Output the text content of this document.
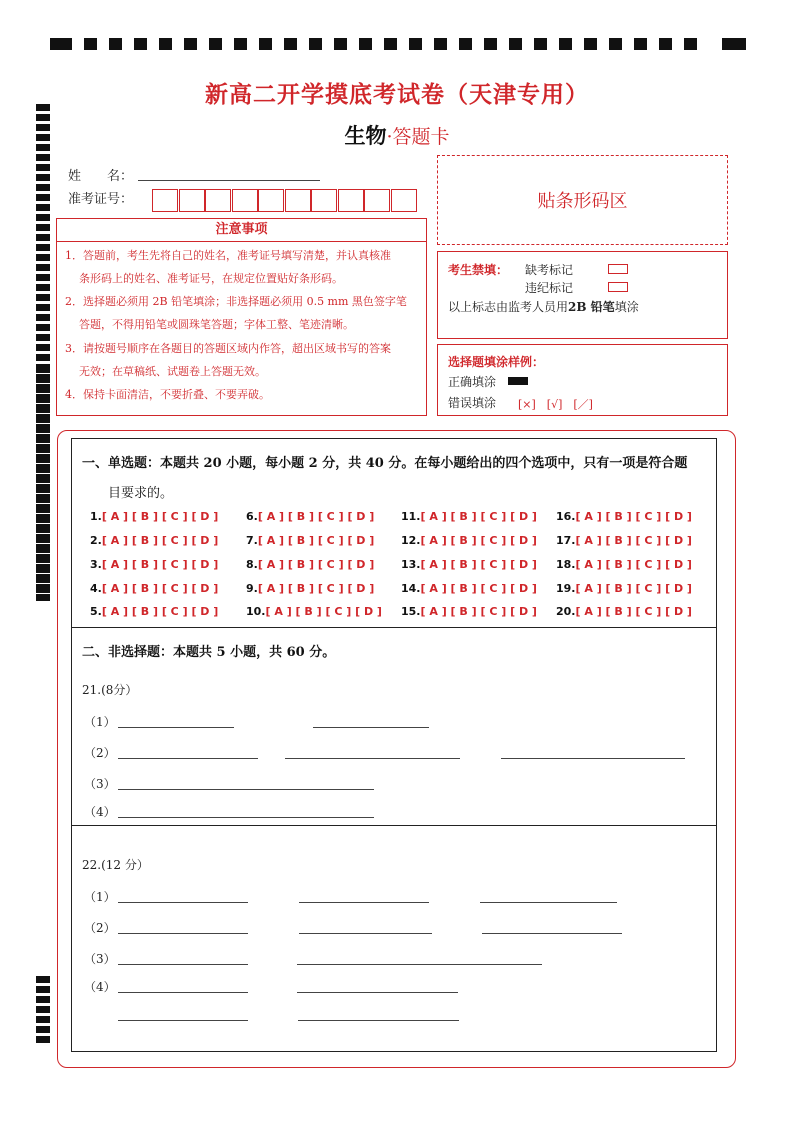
新高二开学摸底考试卷（天津专用）
生物·答题卡
姓　　名：
准考证号：	贴条形码区
注意事项
1．答题前，考生先将自己的姓名，准考证号填写清楚，并认真核准
条形码上的姓名、准考证号，在规定位置贴好条形码。
2．选择题必须用 2B 铅笔填涂；非选择题必须用 0.5 mm 黑色签字笔
答题，不得用铅笔或圆珠笔答题；字体工整、笔迹清晰。
3．请按题号顺序在各题目的答题区域内作答，超出区域书写的答案
无效；在草稿纸、试题卷上答题无效。
4．保持卡面清洁，不要折叠、不要弄破。
考生禁填： 缺考标记
违纪标记
以上标志由监考人员用2B 铅笔填涂
选择题填涂样例：
正确填涂
错误填涂 [×]　[√]　[／]
一、单选题：本题共 20 小题，每小题 2 分，共 40 分。在每小题给出的四个选项中，只有一项是符合题
目要求的。
1.[ A ] [ B ] [ C ] [ D ]
2.[ A ] [ B ] [ C ] [ D ]
3.[ A ] [ B ] [ C ] [ D ]
4.[ A ] [ B ] [ C ] [ D ]
5.[ A ] [ B ] [ C ] [ D ]
6.[ A ] [ B ] [ C ] [ D ]
7.[ A ] [ B ] [ C ] [ D ]
8.[ A ] [ B ] [ C ] [ D ]
9.[ A ] [ B ] [ C ] [ D ]
10.[ A ] [ B ] [ C ] [ D ]
11.[ A ] [ B ] [ C ] [ D ]
12.[ A ] [ B ] [ C ] [ D ]
13.[ A ] [ B ] [ C ] [ D ]
14.[ A ] [ B ] [ C ] [ D ]
15.[ A ] [ B ] [ C ] [ D ]
16.[ A ] [ B ] [ C ] [ D ]
17.[ A ] [ B ] [ C ] [ D ]
18.[ A ] [ B ] [ C ] [ D ]
19.[ A ] [ B ] [ C ] [ D ]
20.[ A ] [ B ] [ C ] [ D ]
二、非选择题：本题共 5 小题，共 60 分。
21.(8分）
（1）
（2）
（3）
（4）
22.(12 分）
（1）
（2）
（3）
（4）
